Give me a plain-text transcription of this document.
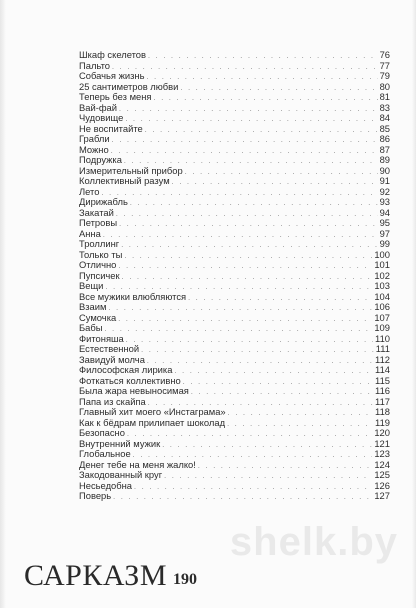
Шкаф скелетов . . .	76
Пальто . . .	77
Собачья жизнь . . .	79
25 сантиметров любви . . .	80
Теперь без меня . . .	81
Вай-фай . . .	83
Чудовище . . .	84
Не воспитайте . . .	85
Грабли . . .	86
Можно . . .	87
Подружка . . .	89
Измерительный прибор . . .	90
Коллективный разум . . .	91
Лето . . .	92
Дирижабль . . .	93
Закатай . . .	94
Петровы . . .	95
Анна . . .	97
Троллинг . . .	99
Только ты . . .	100
Отлично . . .	101
Пупсичек . . .	102
Вещи . . .	103
Все мужики влюбляются . . .	104
Взаим . . .	106
Сумочка . . .	107
Бабы . . .	109
Фитоняша . . .	110
Естественной . . .	111
Завидуй молча . . .	112
Философская лирика . . .	114
Фоткаться коллективно . . .	115
Была жара невыносимая . . .	116
Папа из скайпа . . .	117
Главный хит моего «Инстаграма» . . .	118
Как к бёдрам прилипает шоколад . . .	119
Безопасно . . .	120
Внутренний мужик . . .	121
Глобальное . . .	123
Денег тебе на меня жалко! . . .	124
Закодованный круг . . .	125
Несьедобна . . .	126
Поверь . . .	127
shelk.by
САРКАЗМ 190
